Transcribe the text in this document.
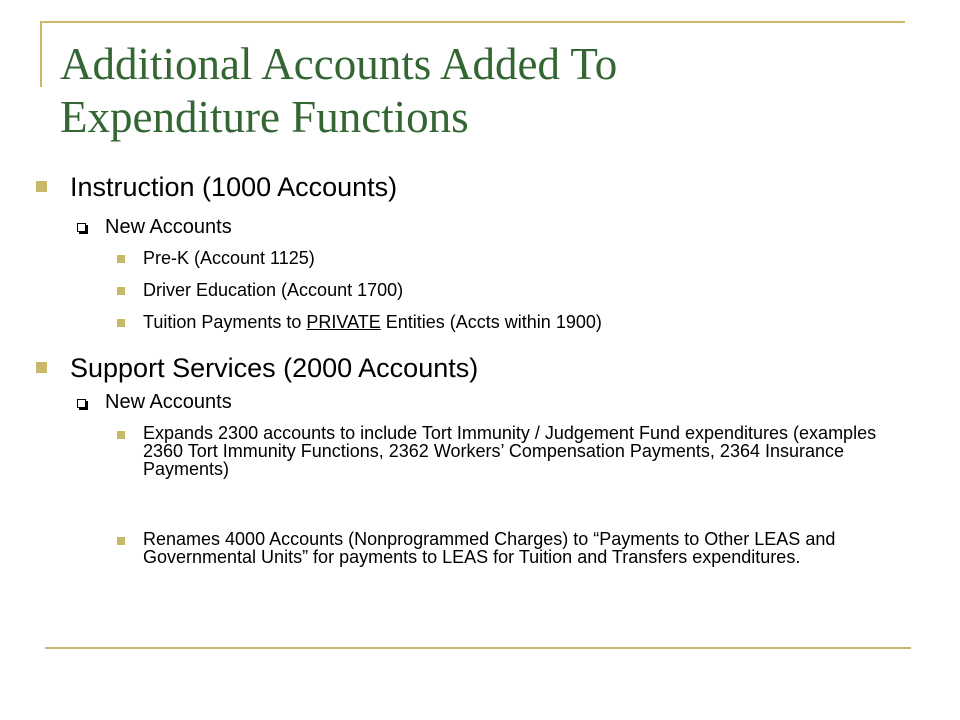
Additional Accounts Added To
Expenditure Functions
Instruction (1000 Accounts)
New Accounts
Pre-K (Account 1125)
Driver Education (Account 1700)
Tuition Payments to PRIVATE Entities (Accts within 1900)
Support Services (2000 Accounts)
New Accounts
Expands 2300 accounts to include Tort Immunity / Judgement Fund expenditures (examples 2360 Tort Immunity Functions, 2362 Workers’ Compensation Payments, 2364 Insurance Payments)
Renames 4000 Accounts (Nonprogrammed Charges) to “Payments to Other LEAS and Governmental Units” for payments to LEAS for Tuition and Transfers expenditures.
